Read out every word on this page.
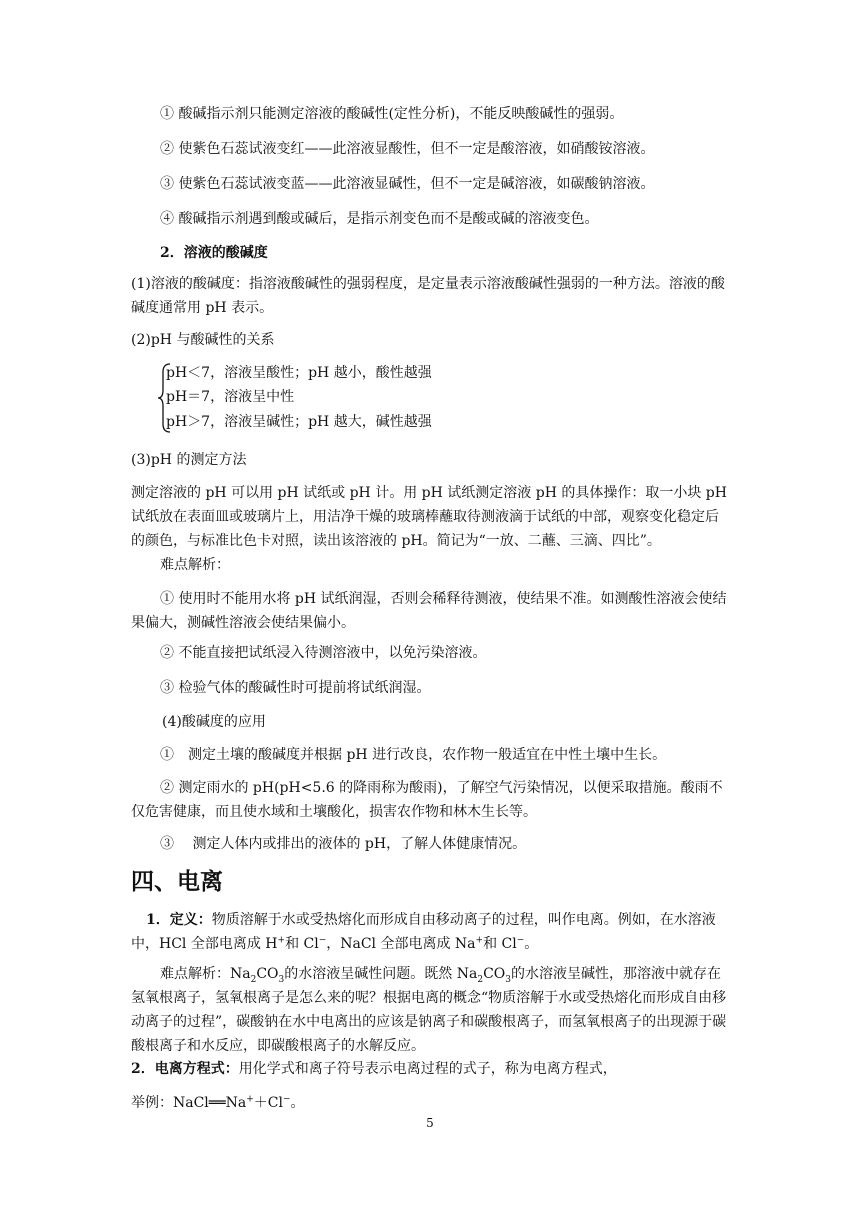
① 酸碱指示剂只能测定溶液的酸碱性(定性分析)，不能反映酸碱性的强弱。
② 使紫色石蕊试液变红——此溶液显酸性，但不一定是酸溶液，如硝酸铵溶液。
③ 使紫色石蕊试液变蓝——此溶液显碱性，但不一定是碱溶液，如碳酸钠溶液。
④ 酸碱指示剂遇到酸或碱后，是指示剂变色而不是酸或碱的溶液变色。
2．溶液的酸碱度
(1)溶液的酸碱度：指溶液酸碱性的强弱程度，是定量表示溶液酸碱性强弱的一种方法。溶液的酸碱度通常用 pH 表示。
(2)pH 与酸碱性的关系
pH＜7，溶液呈酸性；pH 越小，酸性越强
pH＝7，溶液呈中性
pH＞7，溶液呈碱性；pH 越大，碱性越强
(3)pH 的测定方法
测定溶液的 pH 可以用 pH 试纸或 pH 计。用 pH 试纸测定溶液 pH 的具体操作：取一小块 pH 试纸放在表面皿或玻璃片上，用洁净干燥的玻璃棒蘸取待测液滴于试纸的中部，观察变化稳定后的颜色，与标准比色卡对照，读出该溶液的 pH。简记为“一放、二蘸、三滴、四比”。
难点解析：
① 使用时不能用水将 pH 试纸润湿，否则会稀释待测液，使结果不准。如测酸性溶液会使结果偏大，测碱性溶液会使结果偏小。
② 不能直接把试纸浸入待测溶液中，以免污染溶液。
③ 检验气体的酸碱性时可提前将试纸润湿。
(4)酸碱度的应用
①　测定土壤的酸碱度并根据 pH 进行改良，农作物一般适宜在中性土壤中生长。
② 测定雨水的 pH(pH<5.6 的降雨称为酸雨)，了解空气污染情况，以便采取措施。酸雨不仅危害健康，而且使水域和土壤酸化，损害农作物和林木生长等。
③　 测定人体内或排出的液体的 pH，了解人体健康情况。
四、电离
1．定义：物质溶解于水或受热熔化而形成自由移动离子的过程，叫作电离。例如，在水溶液中，HCl 全部电离成 H+和 Cl−，NaCl 全部电离成 Na+和 Cl−。
难点解析：$Na_2CO_3$的水溶液呈碱性问题。既然 $Na_2CO_3$的水溶液呈碱性，那溶液中就存在氢氧根离子，氢氧根离子是怎么来的呢？根据电离的概念“物质溶解于水或受热熔化而形成自由移动离子的过程”，碳酸钠在水中电离出的应该是钠离子和碳酸根离子，而氢氧根离子的出现源于碳酸根离子和水反应，即碳酸根离子的水解反应。
2．电离方程式：用化学式和离子符号表示电离过程的式子，称为电离方程式，
举例：NaCl══Na+＋Cl−。
5
